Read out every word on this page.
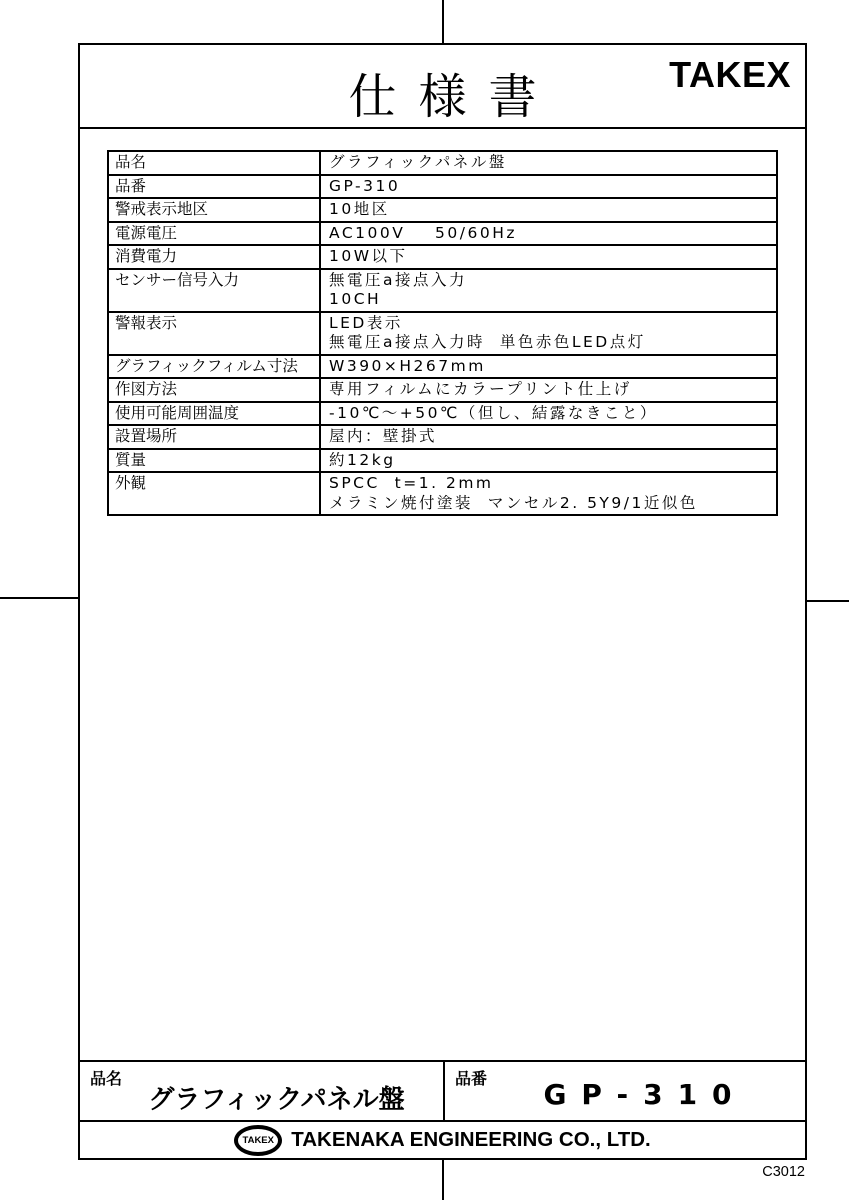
仕様書	TAKEX
品名	グラフィックパネル盤

品番	GP-310

警戒表示地区	10地区

電源電圧	AC100V    50/60Hz

消費電力	10W以下

センサー信号入力	無電圧a接点入力
10CH

警報表示	LED表示
無電圧a接点入力時  単色赤色LED点灯

グラフィックフィルム寸法	W390×H267mm

作図方法	専用フィルムにカラープリント仕上げ

使用可能周囲温度	-10℃～+50℃（但し、結露なきこと）

設置場所	屋内：壁掛式

質量	約12kg

外観	SPCC  t=1. 2mm
メラミン焼付塗装  マンセル2. 5Y9/1近似色
品名
グラフィックパネル盤
品番	GP-310
TAKEX TAKENAKA ENGINEERING CO., LTD.
C3012
